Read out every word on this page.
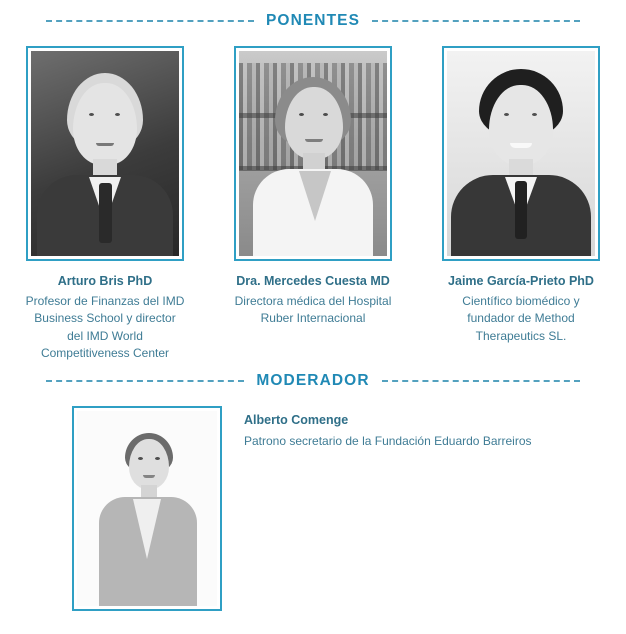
PONENTES
Arturo Bris PhD
Profesor de Finanzas del IMD Business School y director del IMD World Competitiveness Center
Dra. Mercedes Cuesta MD
Directora médica del Hospital Ruber Internacional
Jaime García-Prieto PhD
Científico biomédico y fundador de Method Therapeutics SL.
MODERADOR
Alberto Comenge
Patrono secretario de la Fundación Eduardo Barreiros
